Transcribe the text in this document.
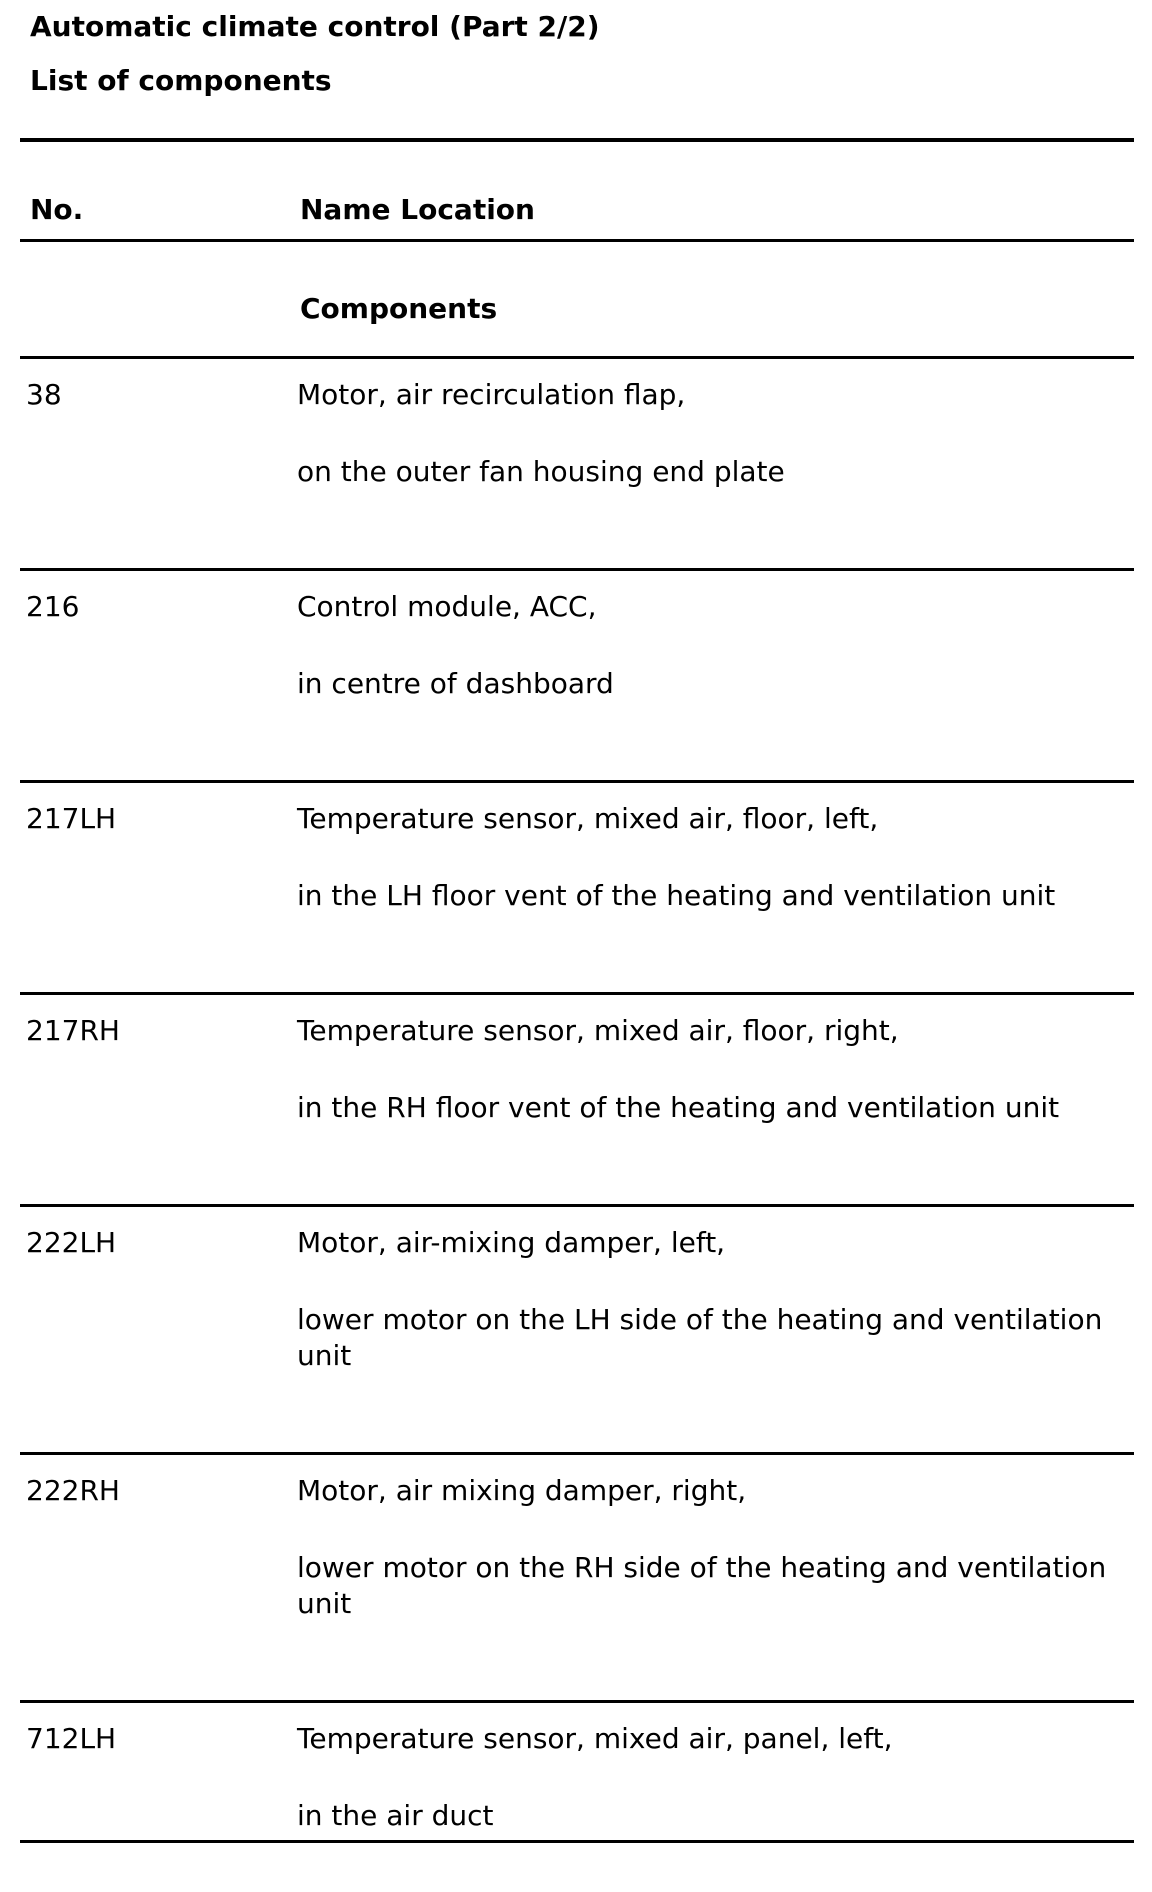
Automatic climate control (Part 2/2)
List of components
No.	Name Location
Components
38	Motor, air recirculation flap,
on the outer fan housing end plate
216	Control module, ACC,
in centre of dashboard
217LH	Temperature sensor, mixed air, floor, left,
in the LH floor vent of the heating and ventilation unit
217RH	Temperature sensor, mixed air, floor, right,
in the RH floor vent of the heating and ventilation unit
222LH	Motor, air-mixing damper, left,
lower motor on the LH side of the heating and ventilation unit
222RH	Motor, air mixing damper, right,
lower motor on the RH side of the heating and ventilation unit
712LH	Temperature sensor, mixed air, panel, left,
in the air duct
